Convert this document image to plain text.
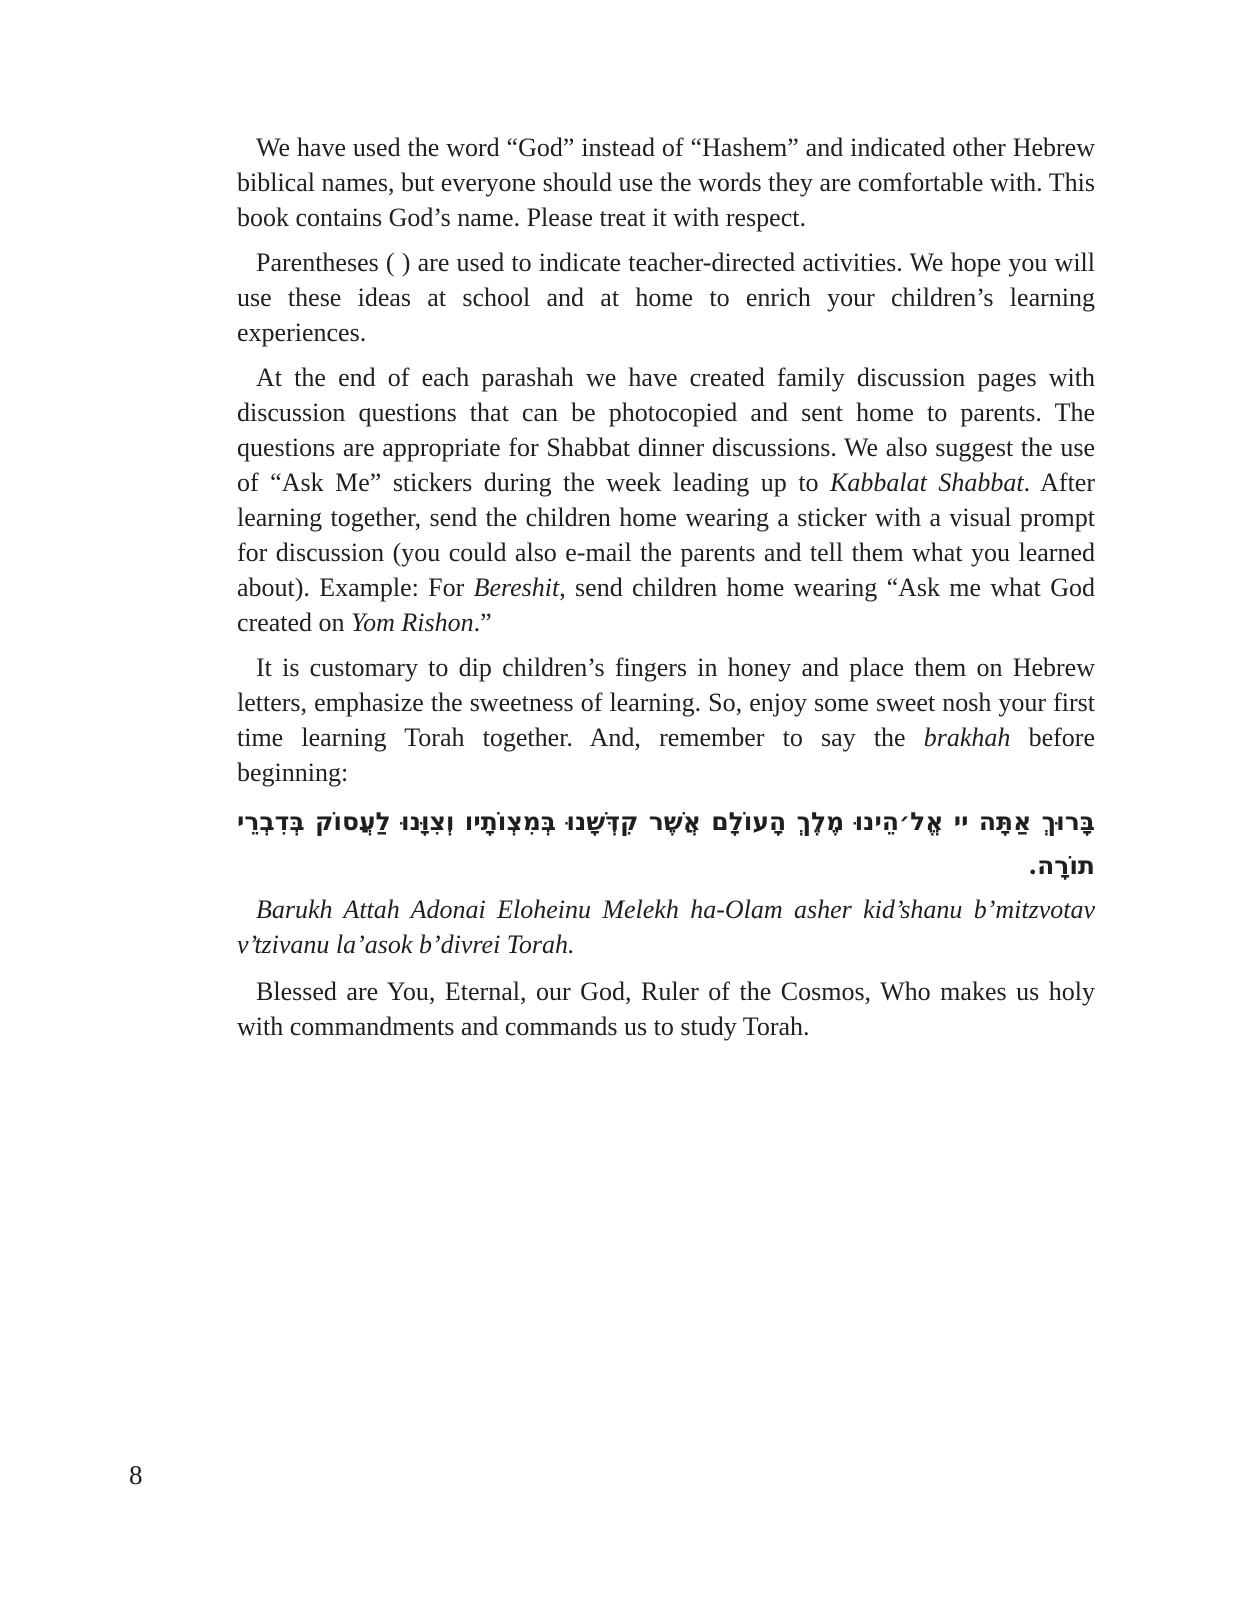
We have used the word “God” instead of “Hashem” and indicated other Hebrew biblical names, but everyone should use the words they are comfortable with. This book contains God’s name. Please treat it with respect.

Parentheses ( ) are used to indicate teacher-directed activities. We hope you will use these ideas at school and at home to enrich your children’s learning experiences.

At the end of each parashah we have created family discussion pages with discussion questions that can be photocopied and sent home to parents. The questions are appropriate for Shabbat dinner discussions. We also suggest the use of “Ask Me” stickers during the week leading up to Kabbalat Shabbat. After learning together, send the children home wearing a sticker with a visual prompt for discussion (you could also e-mail the parents and tell them what you learned about). Example: For Bereshit, send children home wearing “Ask me what God created on Yom Rishon.”

It is customary to dip children’s fingers in honey and place them on Hebrew letters, emphasize the sweetness of learning. So, enjoy some sweet nosh your first time learning Torah together. And, remember to say the brakhah before beginning:

בָּרוּךְ אַתָּה יי אֱל׳הֵינוּ מֶלֶךְ הָעוֹלָם אֲשֶׁר קִדְּשָׁנוּ בְּמִצְוֹתָיו וְצִוָּנוּ לַעֲסוֹק בְּדִבְרֵי תוֹרָה.

Barukh Attah Adonai Eloheinu Melekh ha-Olam asher kid’shanu b’mitzvotav v’tzivanu la’asok b’divrei Torah.

Blessed are You, Eternal, our God, Ruler of the Cosmos, Who makes us holy with commandments and commands us to study Torah.

8
